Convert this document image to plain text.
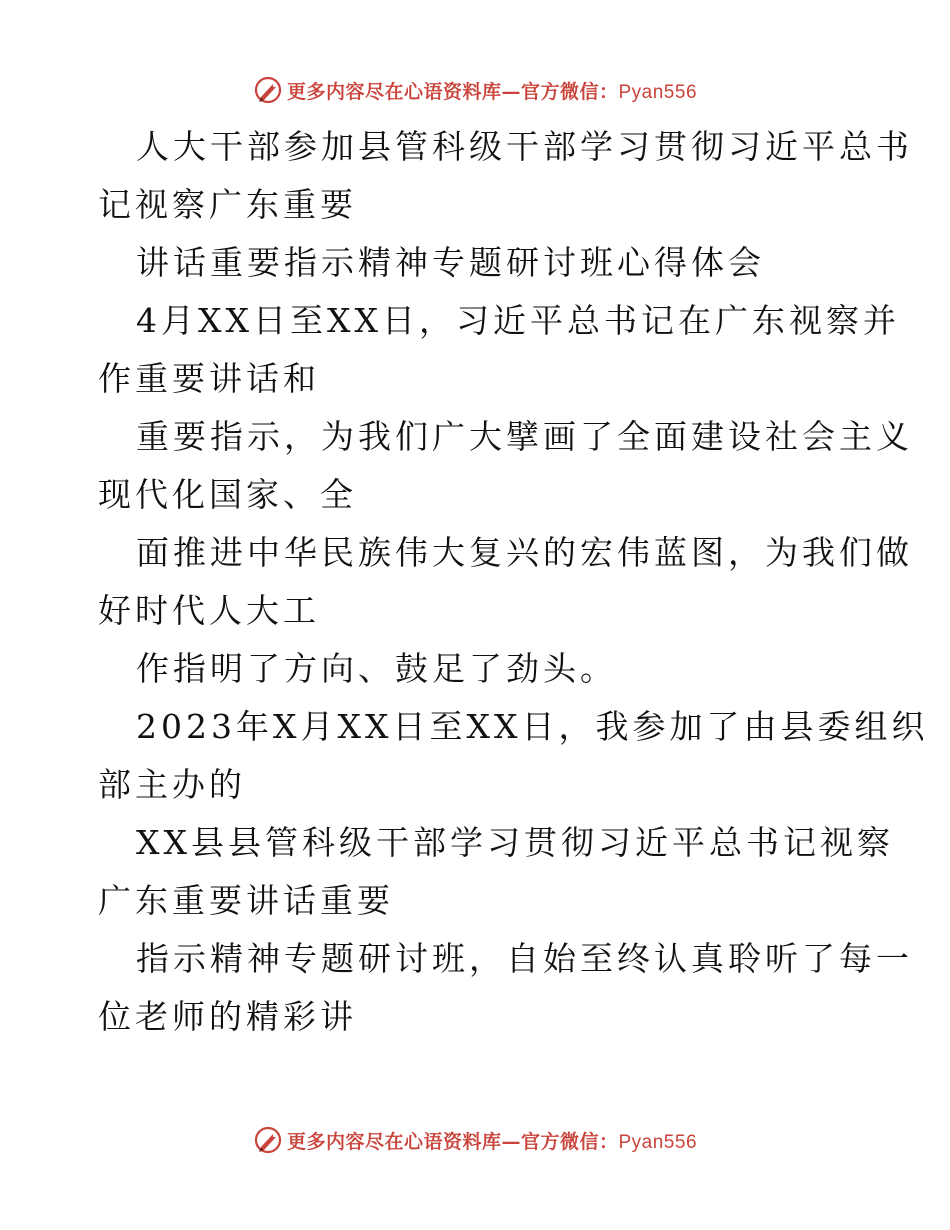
更多内容尽在心语资料库—官方微信：Pyan556
人大干部参加县管科级干部学习贯彻习近平总书
记视察广东重要
讲话重要指示精神专题研讨班心得体会
4月XX日至XX日，习近平总书记在广东视察并
作重要讲话和
重要指示，为我们广大擘画了全面建设社会主义
现代化国家、全
面推进中华民族伟大复兴的宏伟蓝图，为我们做
好时代人大工
作指明了方向、鼓足了劲头。
2023年X月XX日至XX日，我参加了由县委组织
部主办的
XX县县管科级干部学习贯彻习近平总书记视察
广东重要讲话重要
指示精神专题研讨班，自始至终认真聆听了每一
位老师的精彩讲
更多内容尽在心语资料库—官方微信：Pyan556
